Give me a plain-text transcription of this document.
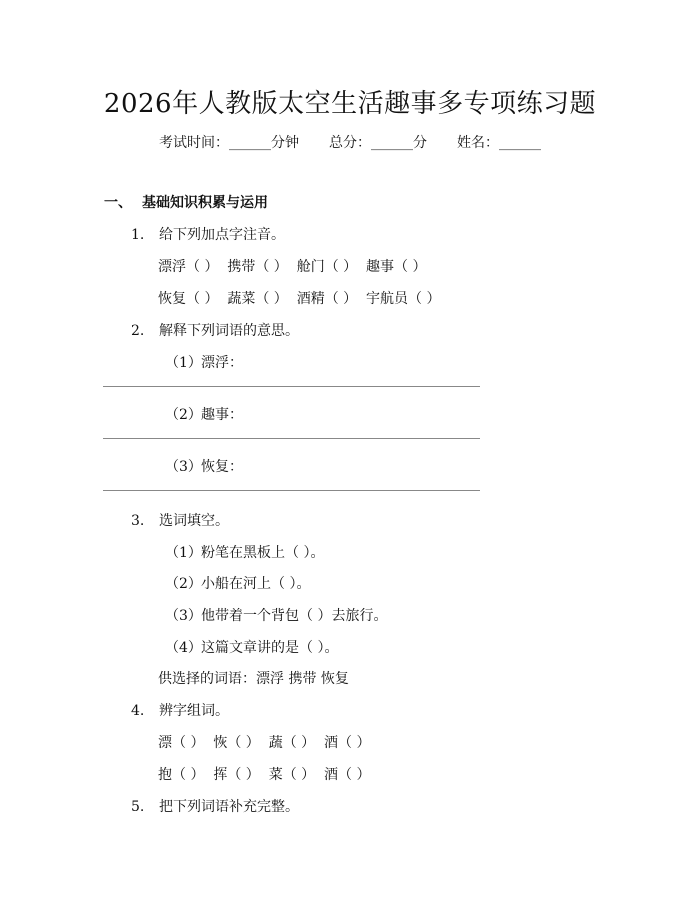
2026年人教版太空生活趣事多专项练习题
考试时间：______分钟 总分：______分 姓名：______
一、 基础知识积累与运用
1. 给下列加点字注音。
漂浮（ ）  携带（ ）  舱门（ ）  趣事（ ）
恢复（ ）  蔬菜（ ）  酒精（ ）  宇航员（ ）
2. 解释下列词语的意思。
（1）漂浮：
（2）趣事：
（3）恢复：
3. 选词填空。
（1）粉笔在黑板上（ ）。
（2）小船在河上（ ）。
（3）他带着一个背包（ ）去旅行。
（4）这篇文章讲的是（ ）。
供选择的词语：漂浮 携带 恢复
4. 辨字组词。
漂（ ）  恢（ ）  蔬（ ）  酒（ ）
抱（ ）  挥（ ）  菜（ ）  酒（ ）
5. 把下列词语补充完整。
